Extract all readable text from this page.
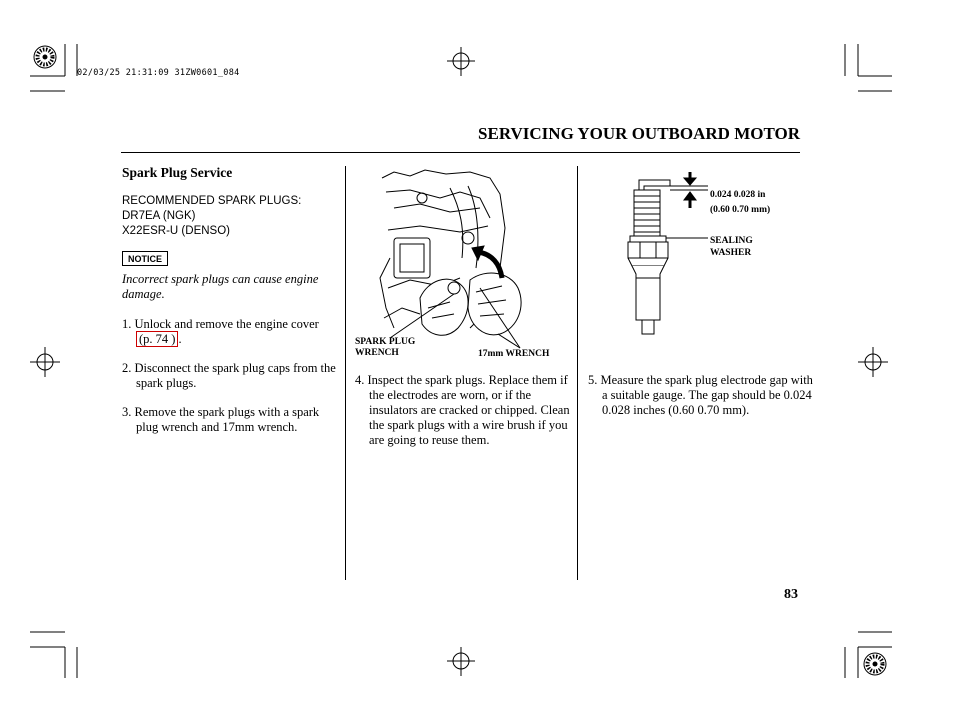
02/03/25 21:31:09 31ZW0601_084
SERVICING YOUR OUTBOARD MOTOR
Spark Plug Service
RECOMMENDED SPARK PLUGS:
DR7EA (NGK)
X22ESR-U (DENSO)
NOTICE
Incorrect spark plugs can cause engine damage.
1. Unlock and remove the engine cover (p. 74 ) .
2. Disconnect the spark plug caps from the spark plugs.
3. Remove the spark plugs with a spark plug wrench and 17mm wrench.
SPARK PLUG
WRENCH	17mm WRENCH
4. Inspect the spark plugs. Replace them if the electrodes are worn, or if the insulators are cracked or chipped. Clean the spark plugs with a wire brush if you are going to reuse them.
0.024 0.028 in
(0.60 0.70 mm)
SEALING
WASHER
5. Measure the spark plug electrode gap with a suitable gauge. The gap should be 0.024 0.028 inches (0.60 0.70 mm).
83
